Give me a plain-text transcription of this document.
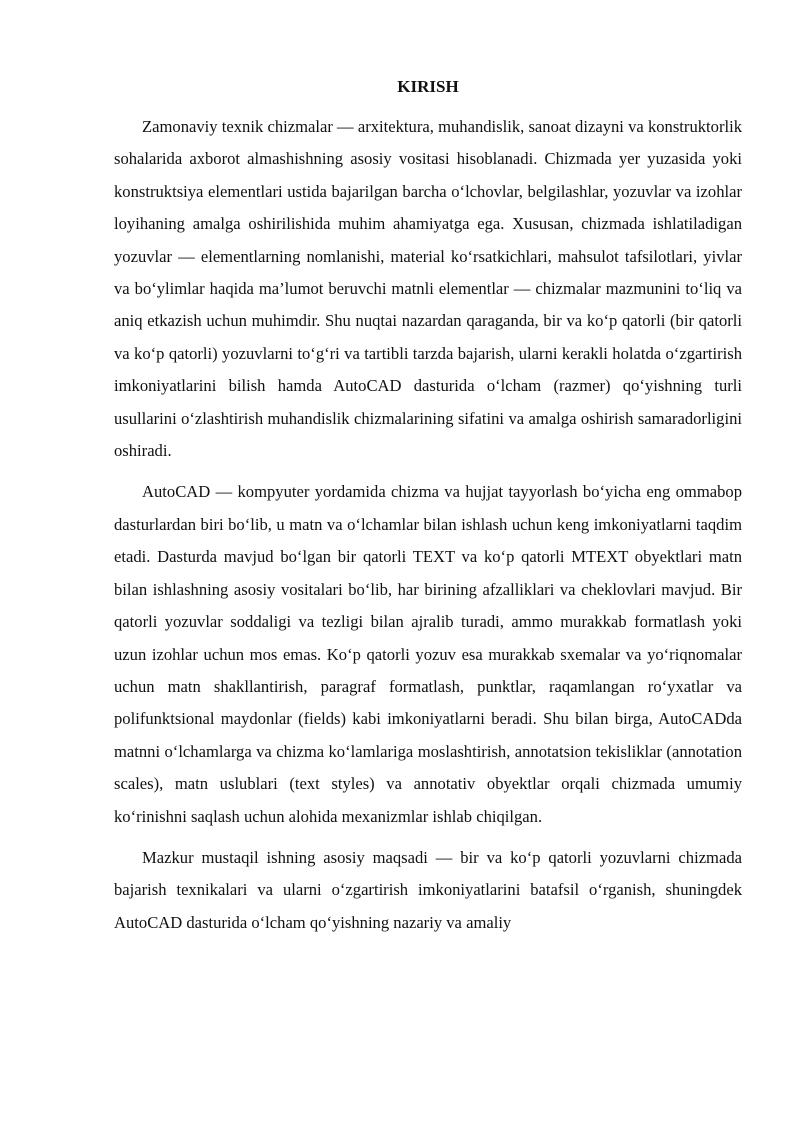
KIRISH

Zamonaviy texnik chizmalar — arxitektura, muhandislik, sanoat dizayni va konstruktorlik sohalarida axborot almashishning asosiy vositasi hisoblanadi. Chizmada yer yuzasida yoki konstruktsiya elementlari ustida bajarilgan barcha o‘lchovlar, belgilashlar, yozuvlar va izohlar loyihaning amalga oshirilishida muhim ahamiyatga ega. Xususan, chizmada ishlatiladigan yozuvlar — elementlarning nomlanishi, material ko‘rsatkichlari, mahsulot tafsilotlari, yivlar va bo‘ylimlar haqida ma’lumot beruvchi matnli elementlar — chizmalar mazmunini to‘liq va aniq etkazish uchun muhimdir. Shu nuqtai nazardan qaraganda, bir va ko‘p qatorli (bir qatorli va ko‘p qatorli) yozuvlarni to‘g‘ri va tartibli tarzda bajarish, ularni kerakli holatda o‘zgartirish imkoniyatlarini bilish hamda AutoCAD dasturida o‘lcham (razmer) qo‘yishning turli usullarini o‘zlashtirish muhandislik chizmalarining sifatini va amalga oshirish samaradorligini oshiradi.

AutoCAD — kompyuter yordamida chizma va hujjat tayyorlash bo‘yicha eng ommabop dasturlardan biri bo‘lib, u matn va o‘lchamlar bilan ishlash uchun keng imkoniyatlarni taqdim etadi. Dasturda mavjud bo‘lgan bir qatorli TEXT va ko‘p qatorli MTEXT obyektlari matn bilan ishlashning asosiy vositalari bo‘lib, har birining afzalliklari va cheklovlari mavjud. Bir qatorli yozuvlar soddaligi va tezligi bilan ajralib turadi, ammo murakkab formatlash yoki uzun izohlar uchun mos emas. Ko‘p qatorli yozuv esa murakkab sxemalar va yo‘riqnomalar uchun matn shakllantirish, paragraf formatlash, punktlar, raqamlangan ro‘yxatlar va polifunktsional maydonlar (fields) kabi imkoniyatlarni beradi. Shu bilan birga, AutoCADda matnni o‘lchamlarga va chizma ko‘lamlariga moslashtirish, annotatsion tekisliklar (annotation scales), matn uslublari (text styles) va annotativ obyektlar orqali chizmada umumiy ko‘rinishni saqlash uchun alohida mexanizmlar ishlab chiqilgan.

Mazkur mustaqil ishning asosiy maqsadi — bir va ko‘p qatorli yozuvlarni chizmada bajarish texnikalari va ularni o‘zgartirish imkoniyatlarini batafsil o‘rganish, shuningdek AutoCAD dasturida o‘lcham qo‘yishning nazariy va amaliy
